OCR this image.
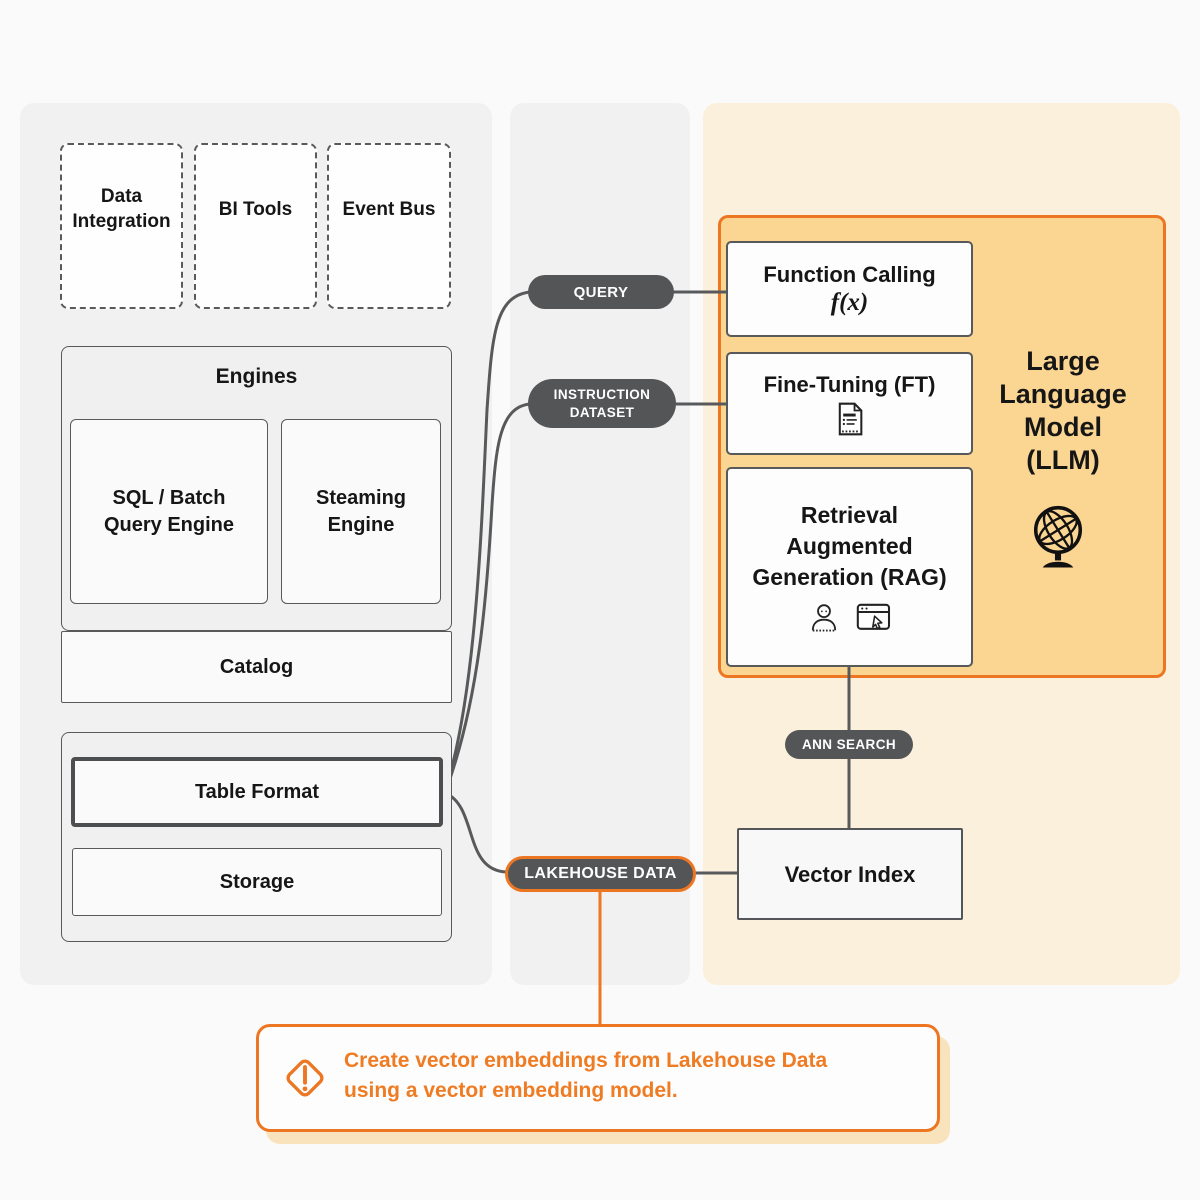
Data Integration
BI Tools	Event Bus
Engines
SQL / Batch Query Engine
Steaming Engine
Catalog
Table Format
Storage
QUERY
INSTRUCTION
DATASET
LAKEHOUSE DATA
ANN SEARCH
Function Calling
f(x)
Fine-Tuning (FT)
Retrieval
Augmented
Generation (RAG)
Large
Language
Model
(LLM)
Vector Index
Create vector embeddings from Lakehouse Data
using a vector embedding model.
